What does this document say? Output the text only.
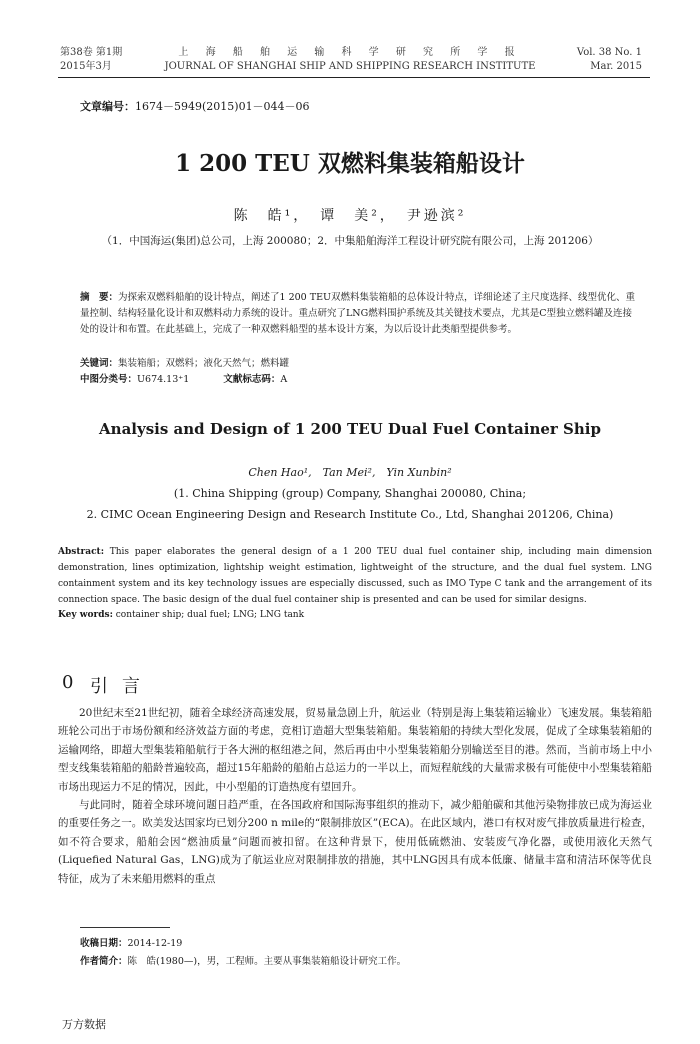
第38卷 第1期
2015年3月
上 海 船 舶 运 输 科 学 研 究 所 学 报
JOURNAL OF SHANGHAI SHIP AND SHIPPING RESEARCH INSTITUTE
Vol. 38 No. 1
Mar. 2015
文章编号：1674－5949(2015)01－044－06
1 200 TEU 双燃料集装箱船设计
陈　皓¹，　谭　美²，　尹逊滨²
（1．中国海运(集团)总公司，上海 200080；2．中集船舶海洋工程设计研究院有限公司，上海 201206）
摘　要：为探索双燃料船舶的设计特点，阐述了1 200 TEU双燃料集装箱船的总体设计特点，详细论述了主尺度选择、线型优化、重量控制、结构轻量化设计和双燃料动力系统的设计。重点研究了LNG燃料围护系统及其关键技术要点，尤其是C型独立燃料罐及连接处的设计和布置。在此基础上，完成了一种双燃料船型的基本设计方案，为以后设计此类船型提供参考。
关键词：集装箱船；双燃料；液化天然气；燃料罐
中图分类号：U674.13⁺1	文献标志码：A
Analysis and Design of 1 200 TEU Dual Fuel Container Ship
Chen Hao¹,　Tan Mei²,　Yin Xunbin²
(1. China Shipping (group) Company, Shanghai 200080, China;
2. CIMC Ocean Engineering Design and Research Institute Co., Ltd, Shanghai 201206, China)
Abstract: This paper elaborates the general design of a 1 200 TEU dual fuel container ship, including main dimension demonstration, lines optimization, lightship weight estimation, lightweight of the structure, and the dual fuel system. LNG containment system and its key technology issues are especially discussed, such as IMO Type C tank and the arrangement of its connection space. The basic design of the dual fuel container ship is presented and can be used for similar designs.
Key words: container ship; dual fuel; LNG; LNG tank
0 引言

20世纪末至21世纪初，随着全球经济高速发展，贸易量急剧上升，航运业（特别是海上集装箱运输业）飞速发展。集装箱船班轮公司出于市场份额和经济效益方面的考虑，竞相订造超大型集装箱船。集装箱船的持续大型化发展，促成了全球集装箱船的运输网络，即超大型集装箱船航行于各大洲的枢纽港之间，然后再由中小型集装箱船分别输送至目的港。然而，当前市场上中小型支线集装箱船的船龄普遍较高，超过15年船龄的船舶占总运力的一半以上，而短程航线的大量需求极有可能使中小型集装箱船市场出现运力不足的情况，因此，中小型船的订造热度有望回升。

与此同时，随着全球环境问题日趋严重，在各国政府和国际海事组织的推动下，减少船舶碳和其他污染物排放已成为海运业的重要任务之一。欧美发达国家均已划分200 n mile的“限制排放区”(ECA)。在此区域内，港口有权对废气排放质量进行检查，如不符合要求，船舶会因“燃油质量”问题而被扣留。在这种背景下，使用低硫燃油、安装废气净化器，或使用液化天然气(Liquefied Natural Gas，LNG)成为了航运业应对限制排放的措施，其中LNG因具有成本低廉、储量丰富和清洁环保等优良特征，成为了未来船用燃料的重点

收稿日期：2014-12-19
作者简介：陈　皓(1980—)，男，工程师。主要从事集装箱船设计研究工作。
万方数据
